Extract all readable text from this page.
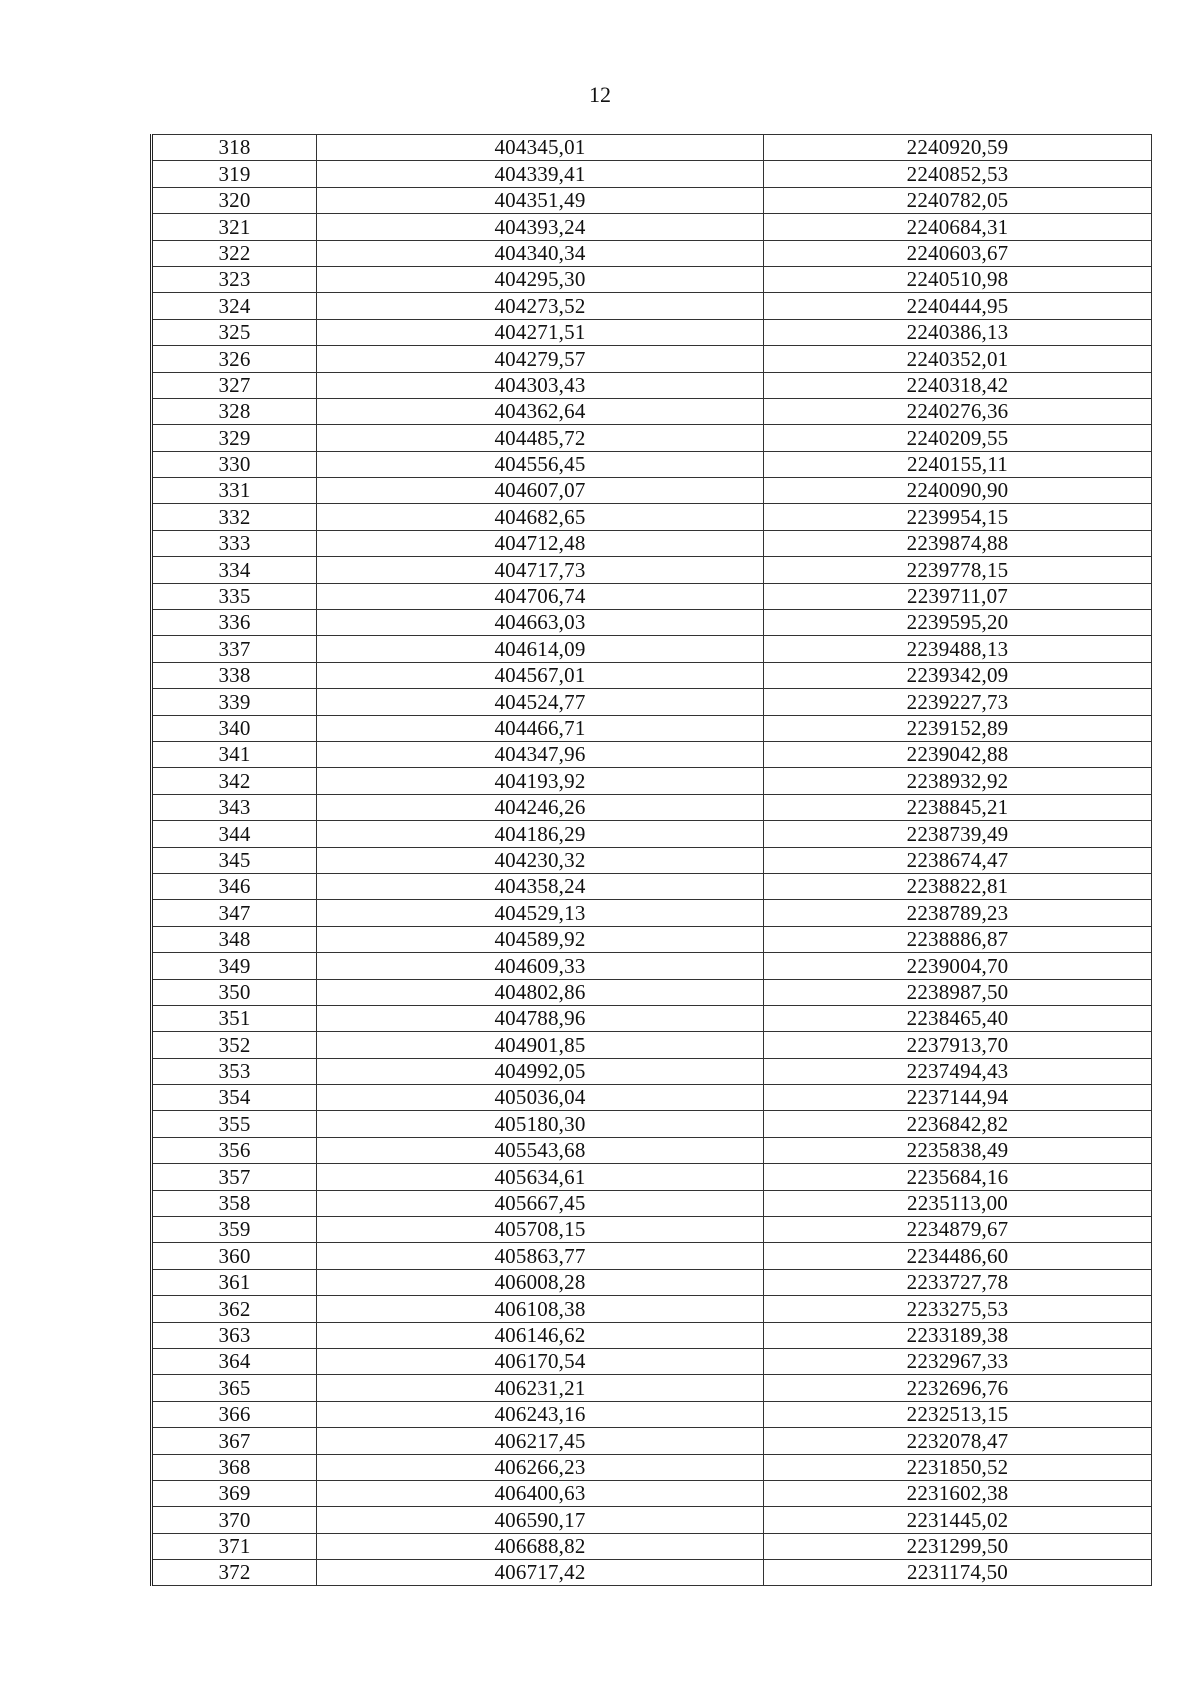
12
318	404345,01	2240920,59
319	404339,41	2240852,53
320	404351,49	2240782,05
321	404393,24	2240684,31
322	404340,34	2240603,67
323	404295,30	2240510,98
324	404273,52	2240444,95
325	404271,51	2240386,13
326	404279,57	2240352,01
327	404303,43	2240318,42
328	404362,64	2240276,36
329	404485,72	2240209,55
330	404556,45	2240155,11
331	404607,07	2240090,90
332	404682,65	2239954,15
333	404712,48	2239874,88
334	404717,73	2239778,15
335	404706,74	2239711,07
336	404663,03	2239595,20
337	404614,09	2239488,13
338	404567,01	2239342,09
339	404524,77	2239227,73
340	404466,71	2239152,89
341	404347,96	2239042,88
342	404193,92	2238932,92
343	404246,26	2238845,21
344	404186,29	2238739,49
345	404230,32	2238674,47
346	404358,24	2238822,81
347	404529,13	2238789,23
348	404589,92	2238886,87
349	404609,33	2239004,70
350	404802,86	2238987,50
351	404788,96	2238465,40
352	404901,85	2237913,70
353	404992,05	2237494,43
354	405036,04	2237144,94
355	405180,30	2236842,82
356	405543,68	2235838,49
357	405634,61	2235684,16
358	405667,45	2235113,00
359	405708,15	2234879,67
360	405863,77	2234486,60
361	406008,28	2233727,78
362	406108,38	2233275,53
363	406146,62	2233189,38
364	406170,54	2232967,33
365	406231,21	2232696,76
366	406243,16	2232513,15
367	406217,45	2232078,47
368	406266,23	2231850,52
369	406400,63	2231602,38
370	406590,17	2231445,02
371	406688,82	2231299,50
372	406717,42	2231174,50
